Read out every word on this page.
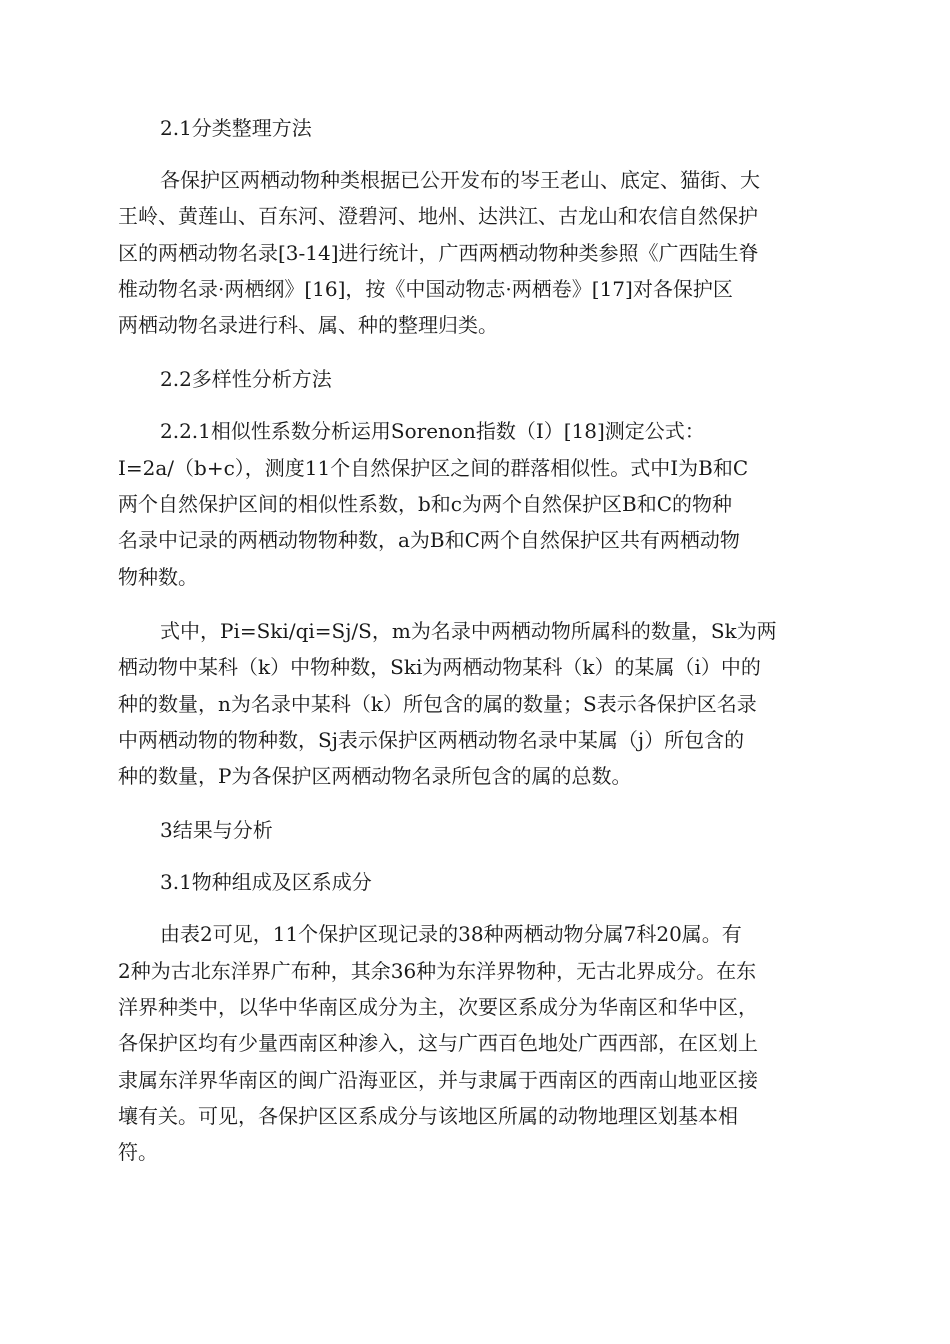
2.1分类整理方法

各保护区两栖动物种类根据已公开发布的岑王老山、底定、猫街、大
王岭、黄莲山、百东河、澄碧河、地州、达洪江、古龙山和农信自然保护
区的两栖动物名录[3-14]进行统计，广西两栖动物种类参照《广西陆生脊
椎动物名录·两栖纲》[16]，按《中国动物志·两栖卷》[17]对各保护区
两栖动物名录进行科、属、种的整理归类。

2.2多样性分析方法

2.2.1相似性系数分析运用Sorenon指数（I）[18]测定公式：
I=2a/（b+c），测度11个自然保护区之间的群落相似性。式中I为B和C
两个自然保护区间的相似性系数，b和c为两个自然保护区B和C的物种
名录中记录的两栖动物物种数，a为B和C两个自然保护区共有两栖动物
物种数。
式中，Pi=Ski/qi=Sj/S，m为名录中两栖动物所属科的数量，Sk为两
栖动物中某科（k）中物种数，Ski为两栖动物某科（k）的某属（i）中的
种的数量，n为名录中某科（k）所包含的属的数量；S表示各保护区名录
中两栖动物的物种数，Sj表示保护区两栖动物名录中某属（j）所包含的
种的数量，P为各保护区两栖动物名录所包含的属的总数。

3结果与分析

3.1物种组成及区系成分

由表2可见，11个保护区现记录的38种两栖动物分属7科20属。有
2种为古北东洋界广布种，其余36种为东洋界物种，无古北界成分。在东
洋界种类中，以华中华南区成分为主，次要区系成分为华南区和华中区，
各保护区均有少量西南区种渗入，这与广西百色地处广西西部，在区划上
隶属东洋界华南区的闽广沿海亚区，并与隶属于西南区的西南山地亚区接
壤有关。可见，各保护区区系成分与该地区所属的动物地理区划基本相
符。
